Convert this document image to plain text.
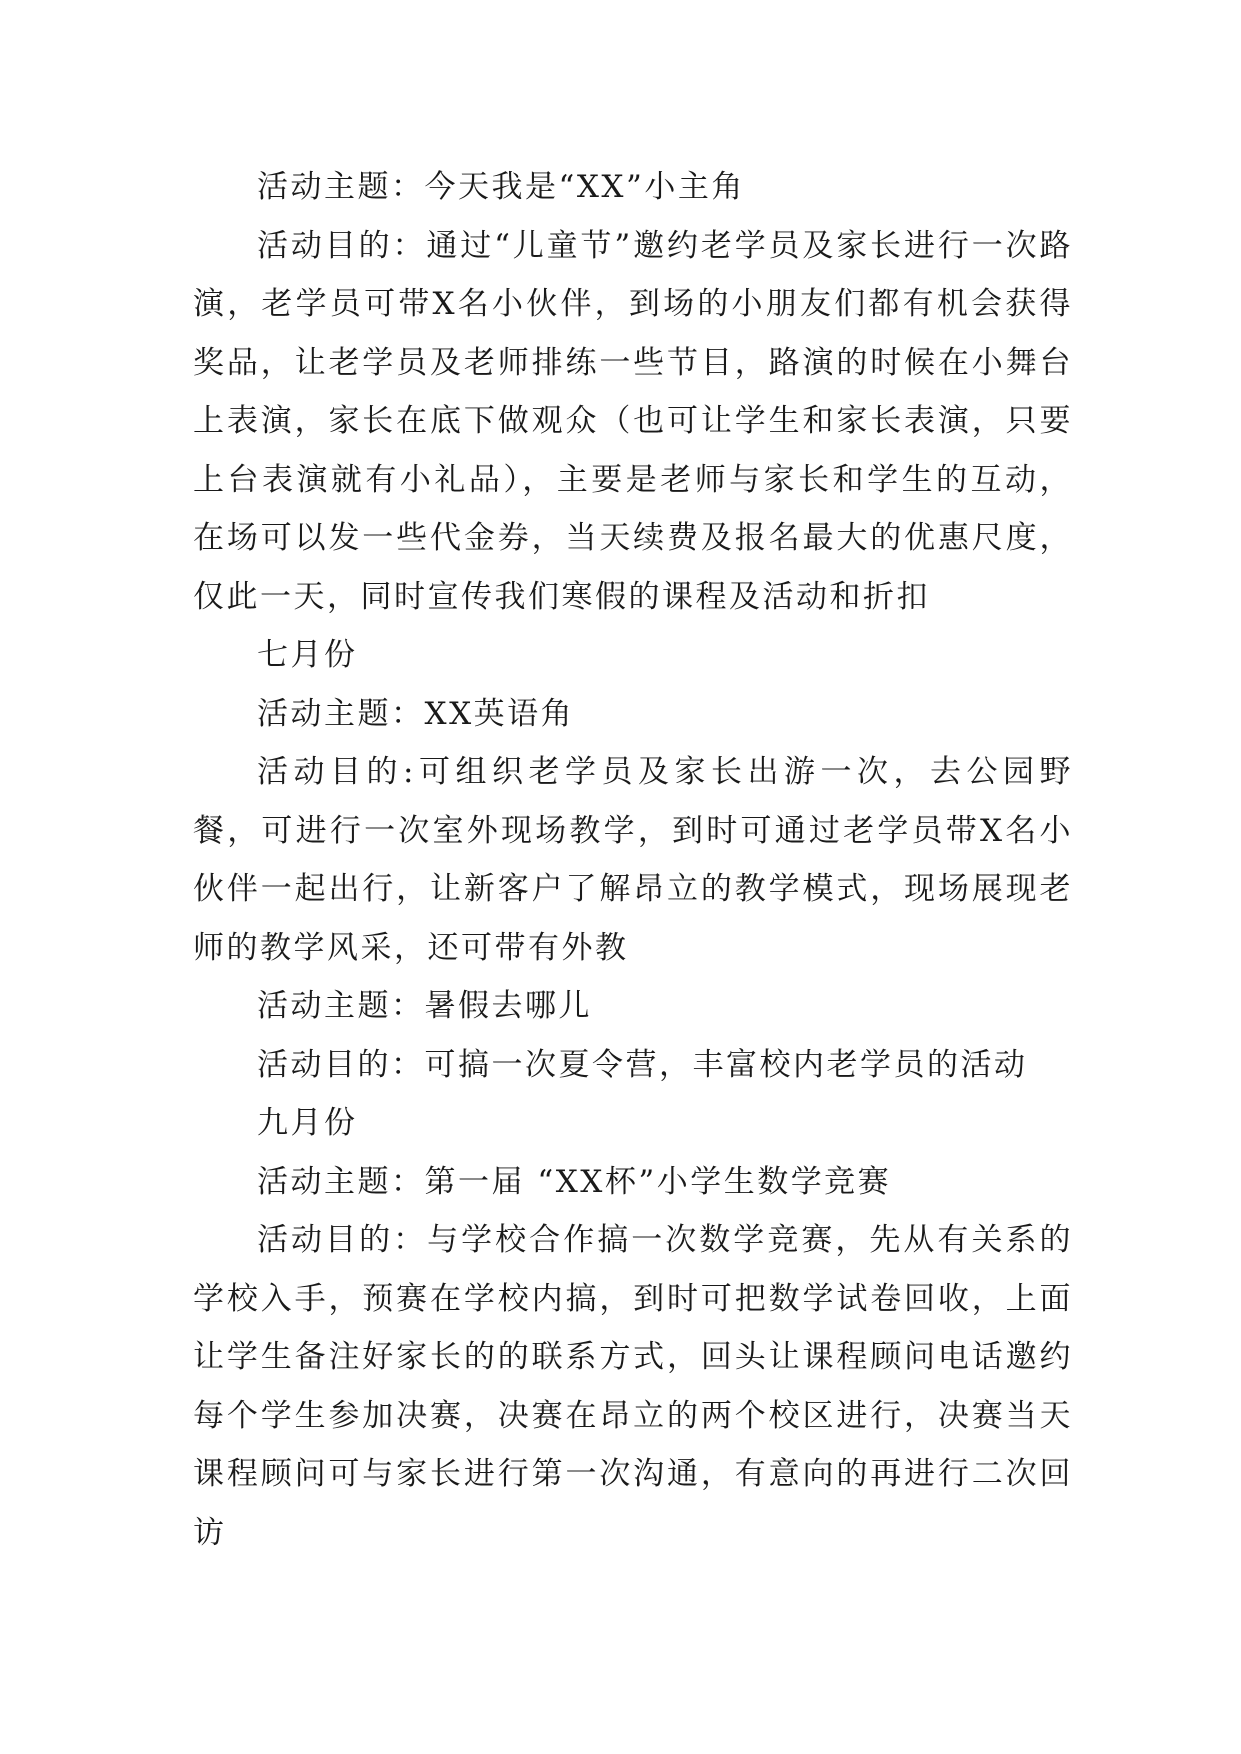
活动主题：今天我是“XX”小主角

活动目的：通过“儿童节”邀约老学员及家长进行一次路演，老学员可带X名小伙伴，到场的小朋友们都有机会获得奖品，让老学员及老师排练一些节目，路演的时候在小舞台上表演，家长在底下做观众（也可让学生和家长表演，只要上台表演就有小礼品），主要是老师与家长和学生的互动，在场可以发一些代金券，当天续费及报名最大的优惠尺度，仅此一天，同时宣传我们寒假的课程及活动和折扣

七月份

活动主题：XX英语角

活动目的:可组织老学员及家长出游一次，去公园野餐，可进行一次室外现场教学，到时可通过老学员带X名小伙伴一起出行，让新客户了解昂立的教学模式，现场展现老师的教学风采，还可带有外教

活动主题：暑假去哪儿

活动目的：可搞一次夏令营，丰富校内老学员的活动

九月份

活动主题：第一届 “XX杯”小学生数学竞赛

活动目的：与学校合作搞一次数学竞赛，先从有关系的学校入手，预赛在学校内搞，到时可把数学试卷回收，上面让学生备注好家长的的联系方式，回头让课程顾问电话邀约每个学生参加决赛，决赛在昂立的两个校区进行，决赛当天课程顾问可与家长进行第一次沟通，有意向的再进行二次回访
